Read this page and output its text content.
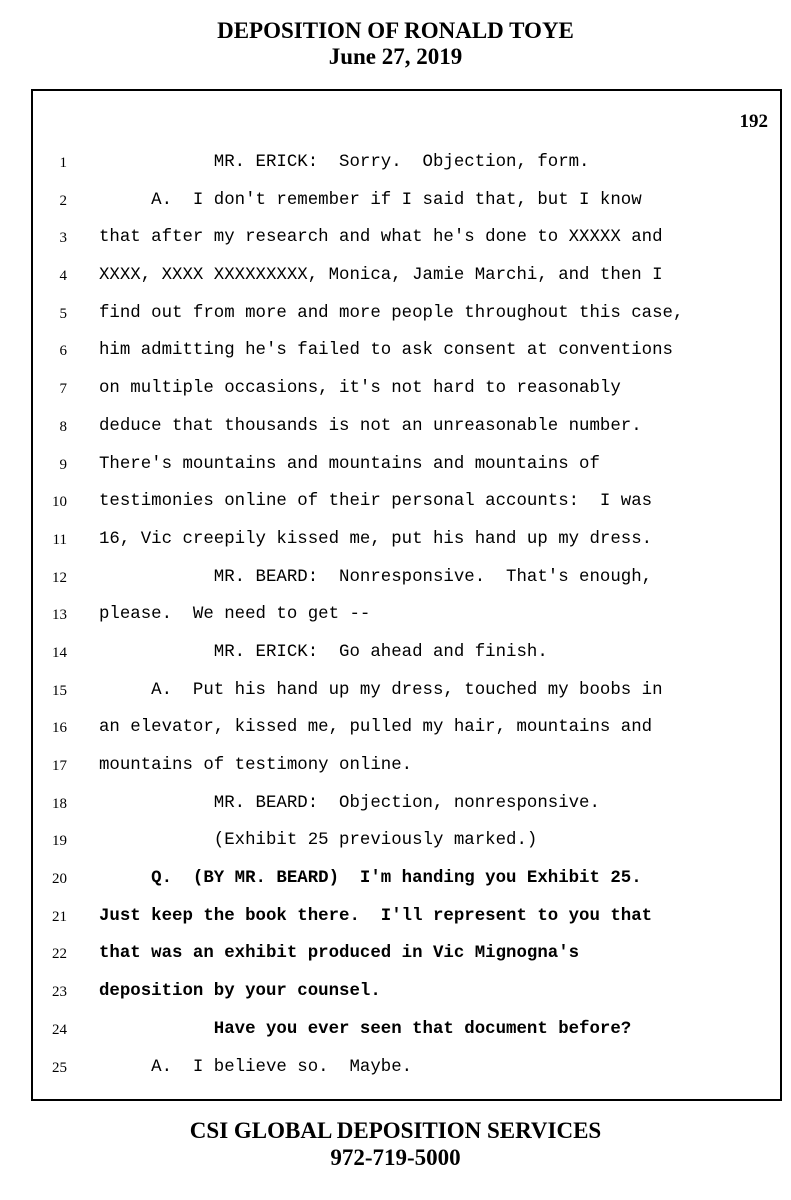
DEPOSITION OF RONALD TOYE
June 27, 2019
192
1 MR. ERICK:  Sorry.  Objection, form.
2 A.  I don't remember if I said that, but I know
3 that after my research and what he's done to XXXXX and
4 XXXX, XXXX XXXXXXXXX, Monica, Jamie Marchi, and then I
5 find out from more and more people throughout this case,
6 him admitting he's failed to ask consent at conventions
7 on multiple occasions, it's not hard to reasonably
8 deduce that thousands is not an unreasonable number.
9 There's mountains and mountains and mountains of
10 testimonies online of their personal accounts:  I was
11 16, Vic creepily kissed me, put his hand up my dress.
12 MR. BEARD:  Nonresponsive.  That's enough,
13 please.  We need to get --
14 MR. ERICK:  Go ahead and finish.
15 A.  Put his hand up my dress, touched my boobs in
16 an elevator, kissed me, pulled my hair, mountains and
17 mountains of testimony online.
18 MR. BEARD:  Objection, nonresponsive.
19 (Exhibit 25 previously marked.)
20 Q.  (BY MR. BEARD)  I'm handing you Exhibit 25.
21 Just keep the book there.  I'll represent to you that
22 that was an exhibit produced in Vic Mignogna's
23 deposition by your counsel.
24 Have you ever seen that document before?
25 A.  I believe so.  Maybe.
CSI GLOBAL DEPOSITION SERVICES
972-719-5000
